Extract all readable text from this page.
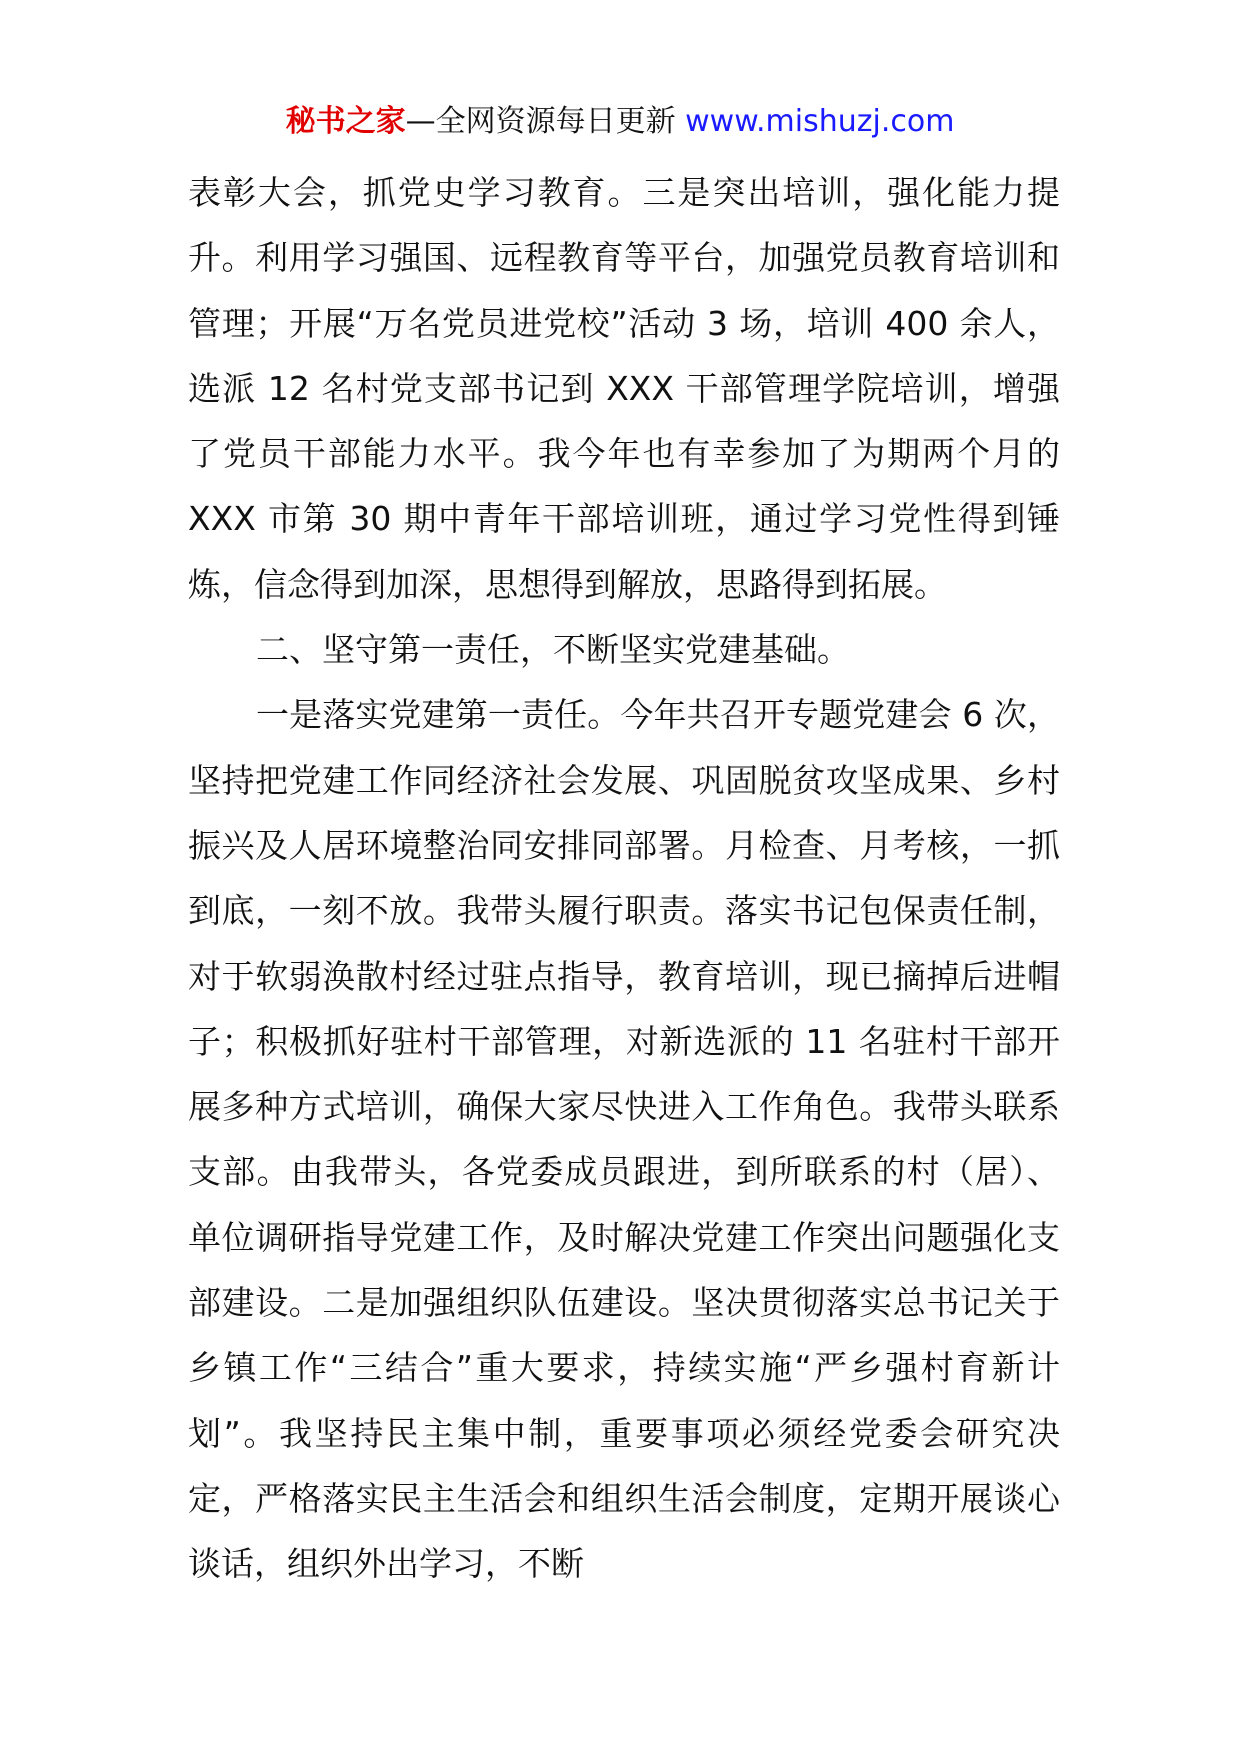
秘书之家—全网资源每日更新 www.mishuzj.com

表彰大会，抓党史学习教育。三是突出培训，强化能力提升。利用学习强国、远程教育等平台，加强党员教育培训和管理；开展“万名党员进党校”活动 3 场，培训 400 余人，选派 12 名村党支部书记到 XXX 干部管理学院培训，增强了党员干部能力水平。我今年也有幸参加了为期两个月的 XXX 市第 30 期中青年干部培训班，通过学习党性得到锤炼，信念得到加深，思想得到解放，思路得到拓展。

二、坚守第一责任，不断坚实党建基础。

一是落实党建第一责任。今年共召开专题党建会 6 次，坚持把党建工作同经济社会发展、巩固脱贫攻坚成果、乡村振兴及人居环境整治同安排同部署。月检查、月考核，一抓到底，一刻不放。我带头履行职责。落实书记包保责任制，对于软弱涣散村经过驻点指导，教育培训，现已摘掉后进帽子；积极抓好驻村干部管理，对新选派的 11 名驻村干部开展多种方式培训，确保大家尽快进入工作角色。我带头联系支部。由我带头，各党委成员跟进，到所联系的村（居）、单位调研指导党建工作，及时解决党建工作突出问题强化支部建设。二是加强组织队伍建设。坚决贯彻落实总书记关于乡镇工作“三结合”重大要求，持续实施“严乡强村育新计划”。我坚持民主集中制，重要事项必须经党委会研究决定，严格落实民主生活会和组织生活会制度，定期开展谈心谈话，组织外出学习，不断
